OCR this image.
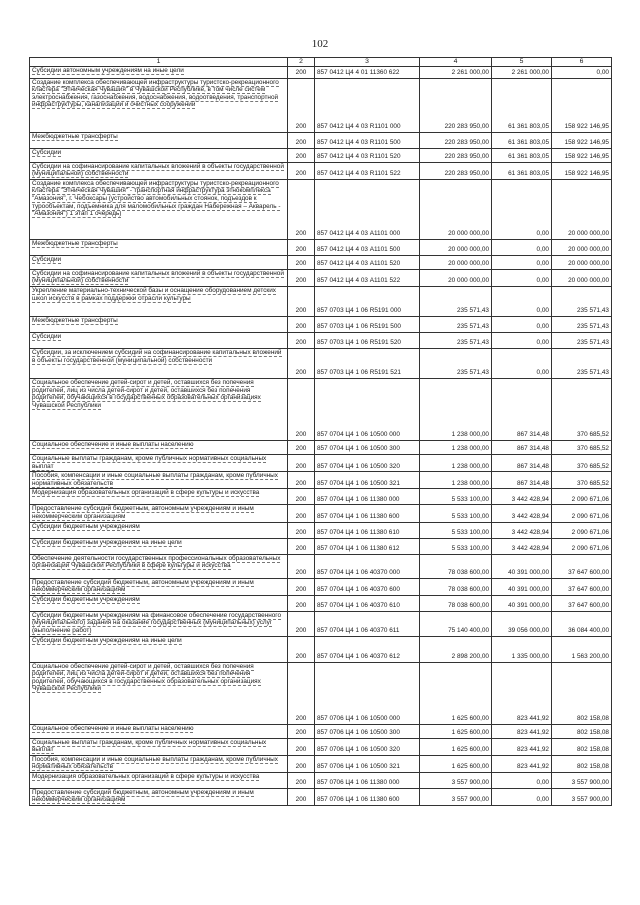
102
1	2	3	4	5	6
Субсидии автономным учреждениям на иные цели	200	857 0412 Ц4 4 01 11360 622	2 261 000,00	2 261 000,00	0,00
Создание комплекса обеспечивающей инфраструктуры туристско-рекреационного кластера "Этническая Чувашия" в Чувашской Республике, в том числе систем электроснабжения, газоснабжения, водоснабжения, водоотведения, транспортной инфраструктуры, канализации и очистных сооружений	200	857 0412 Ц4 4 03 R1101 000	220 283 950,00	61 361 803,05	158 922 146,95
Межбюджетные трансферты	200	857 0412 Ц4 4 03 R1101 500	220 283 950,00	61 361 803,05	158 922 146,95
Субсидии	200	857 0412 Ц4 4 03 R1101 520	220 283 950,00	61 361 803,05	158 922 146,95
Субсидии на софинансирование капитальных вложений в объекты государственной (муниципальной) собственности	200	857 0412 Ц4 4 03 R1101 522	220 283 950,00	61 361 803,05	158 922 146,95
Создание комплекса обеспечивающей инфраструктуры туристско-рекреационного кластера "Этническая Чувашия" - транспортная инфраструктура этнокомплекса "Амазония", г. Чебоксары (устройство автомобильных стоянок, подъездов к турообъектам, подъемника для маломобильных граждан Набережная – Акварель - "Амазония") 1 этап 1 очередь)	200	857 0412 Ц4 4 03 A1101 000	20 000 000,00	0,00	20 000 000,00
Межбюджетные трансферты	200	857 0412 Ц4 4 03 A1101 500	20 000 000,00	0,00	20 000 000,00
Субсидии	200	857 0412 Ц4 4 03 A1101 520	20 000 000,00	0,00	20 000 000,00
Субсидии на софинансирование капитальных вложений в объекты государственной (муниципальной) собственности	200	857 0412 Ц4 4 03 A1101 522	20 000 000,00	0,00	20 000 000,00
Укрепление материально-технической базы и оснащение оборудованием детских школ искусств в рамках поддержки отрасли культуры	200	857 0703 Ц4 1 06 R5191 000	235 571,43	0,00	235 571,43
Межбюджетные трансферты	200	857 0703 Ц4 1 06 R5191 500	235 571,43	0,00	235 571,43
Субсидии	200	857 0703 Ц4 1 06 R5191 520	235 571,43	0,00	235 571,43
Субсидии, за исключением субсидий на софинансирование капитальных вложений в объекты государственной (муниципальной) собственности	200	857 0703 Ц4 1 06 R5191 521	235 571,43	0,00	235 571,43
Социальное обеспечение детей-сирот и детей, оставшихся без попечения родителей, лиц из числа детей-сирот и детей, оставшихся без попечения родителей, обучающихся в государственных образовательных организациях Чувашской Республики	200	857 0704 Ц4 1 06 10500 000	1 238 000,00	867 314,48	370 685,52
Социальное обеспечение и иные выплаты населению	200	857 0704 Ц4 1 06 10500 300	1 238 000,00	867 314,48	370 685,52
Социальные выплаты гражданам, кроме публичных нормативных социальных выплат	200	857 0704 Ц4 1 06 10500 320	1 238 000,00	867 314,48	370 685,52
Пособия, компенсации и иные социальные выплаты гражданам, кроме публичных нормативных обязательств	200	857 0704 Ц4 1 06 10500 321	1 238 000,00	867 314,48	370 685,52
Модернизация образовательных организаций в сфере культуры и искусства	200	857 0704 Ц4 1 06 11380 000	5 533 100,00	3 442 428,94	2 090 671,06
Предоставление субсидий бюджетным, автономным учреждениям и иным некоммерческим организациям	200	857 0704 Ц4 1 06 11380 600	5 533 100,00	3 442 428,94	2 090 671,06
Субсидии бюджетным учреждениям	200	857 0704 Ц4 1 06 11380 610	5 533 100,00	3 442 428,94	2 090 671,06
Субсидии бюджетным учреждениям на иные цели	200	857 0704 Ц4 1 06 11380 612	5 533 100,00	3 442 428,94	2 090 671,06
Обеспечение деятельности государственных профессиональных образовательных организаций Чувашской Республики в сфере культуры и искусства	200	857 0704 Ц4 1 06 40370 000	78 038 600,00	40 391 000,00	37 647 600,00
Предоставление субсидий бюджетным, автономным учреждениям и иным некоммерческим организациям	200	857 0704 Ц4 1 06 40370 600	78 038 600,00	40 391 000,00	37 647 600,00
Субсидии бюджетным учреждениям	200	857 0704 Ц4 1 06 40370 610	78 038 600,00	40 391 000,00	37 647 600,00
Субсидии бюджетным учреждениям на финансовое обеспечение государственного (муниципального) задания на оказание государственных (муниципальных) услуг (выполнение работ)	200	857 0704 Ц4 1 06 40370 611	75 140 400,00	39 056 000,00	36 084 400,00
Субсидии бюджетным учреждениям на иные цели	200	857 0704 Ц4 1 06 40370 612	2 898 200,00	1 335 000,00	1 563 200,00
Социальное обеспечение детей-сирот и детей, оставшихся без попечения родителей, лиц из числа детей-сирот и детей, оставшихся без попечения родителей, обучающихся в государственных образовательных организациях Чувашской Республики	200	857 0706 Ц4 1 06 10500 000	1 625 600,00	823 441,92	802 158,08
Социальное обеспечение и иные выплаты населению	200	857 0706 Ц4 1 06 10500 300	1 625 600,00	823 441,92	802 158,08
Социальные выплаты гражданам, кроме публичных нормативных социальных выплат	200	857 0706 Ц4 1 06 10500 320	1 625 600,00	823 441,92	802 158,08
Пособия, компенсации и иные социальные выплаты гражданам, кроме публичных нормативных обязательств	200	857 0706 Ц4 1 06 10500 321	1 625 600,00	823 441,92	802 158,08
Модернизация образовательных организаций в сфере культуры и искусства	200	857 0706 Ц4 1 06 11380 000	3 557 900,00	0,00	3 557 900,00
Предоставление субсидий бюджетным, автономным учреждениям и иным некоммерческим организациям	200	857 0706 Ц4 1 06 11380 600	3 557 900,00	0,00	3 557 900,00
